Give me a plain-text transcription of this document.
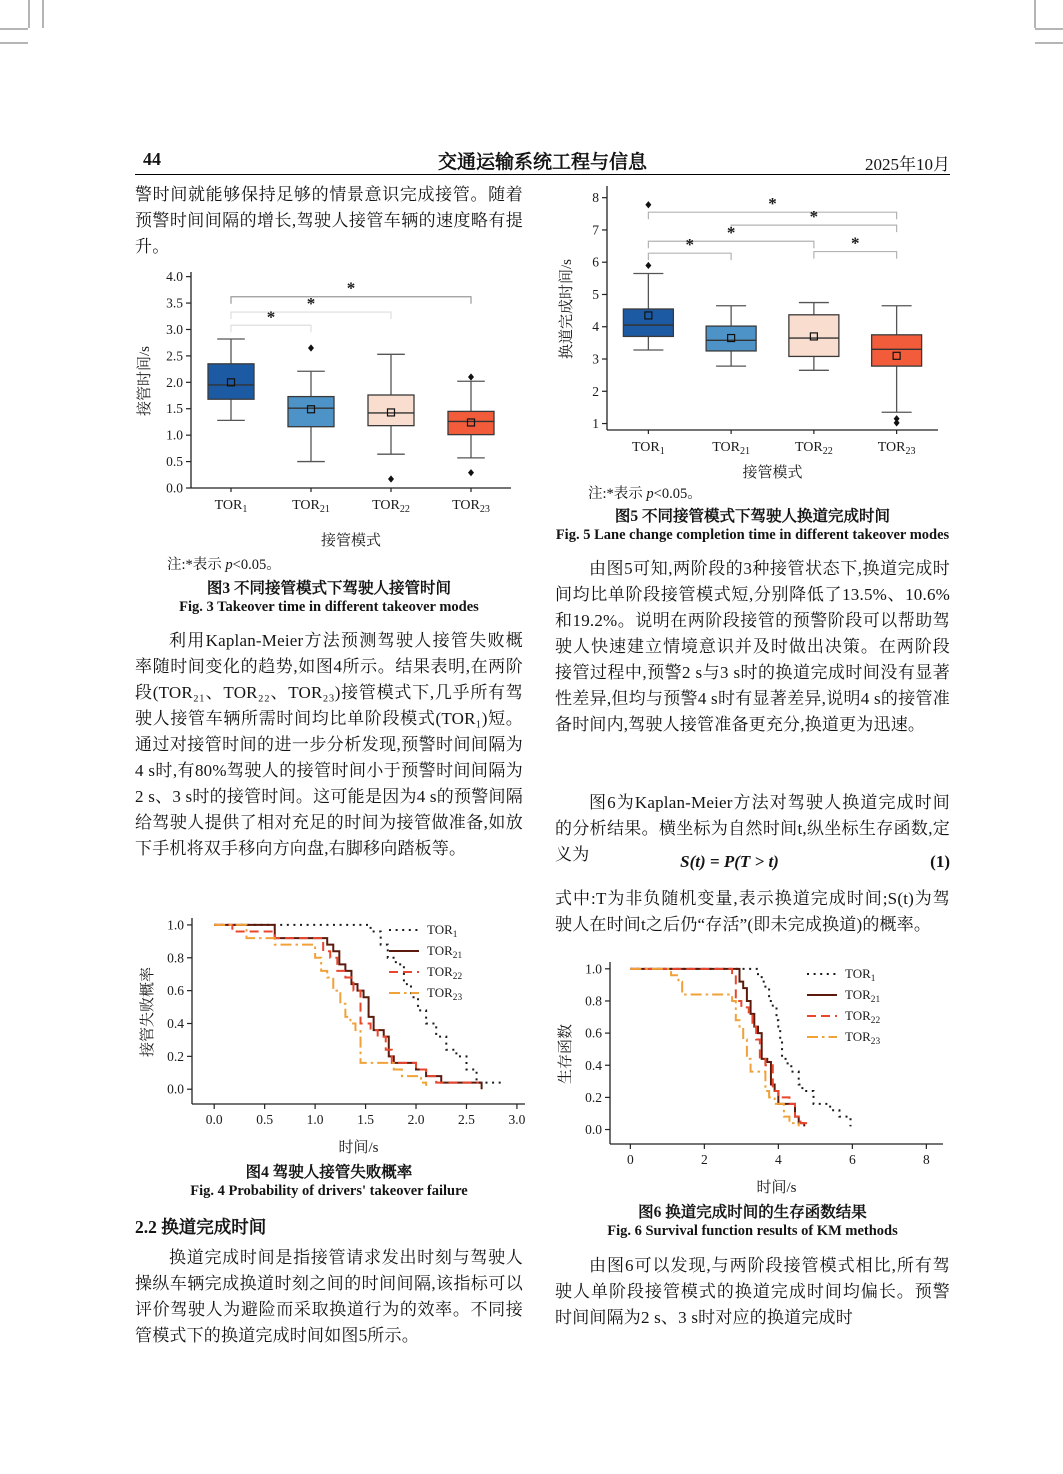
44	交通运输系统工程与信息	2025年10月
警时间就能够保持足够的情景意识完成接管。随着预警时间间隔的增长,驾驶人接管车辆的速度略有提升。
*
*
*
0.0
0.5
1.0
1.5
2.0
2.5
3.0
3.5
4.0
$TOR_1$	$TOR_{21}$	$TOR_{22}$	$TOR_{23}$
接管模式
接管时间/s
注:*表示 p<0.05。
图3 不同接管模式下驾驶人接管时间
Fig. 3 Takeover time in different takeover modes
利用Kaplan-Meier方法预测驾驶人接管失败概率随时间变化的趋势,如图4所示。结果表明,在两阶段(TOR₂₁、TOR₂₂、TOR₂₃)接管模式下,几乎所有驾驶人接管车辆所需时间均比单阶段模式(TOR₁)短。通过对接管时间的进一步分析发现,预警时间间隔为4 s时,有80%驾驶人的接管时间小于预警时间间隔为2 s、3 s时的接管时间。这可能是因为4 s的预警间隔给驾驶人提供了相对充足的时间为接管做准备,如放下手机将双手移向方向盘,右脚移向踏板等。
0.0 0.5 1.0 1.5 2.0 2.5 3.0
0.0
0.2
0.4
0.6
0.8
1.0
时间/s
接管失败概率
$TOR_1$
$TOR_{21}$
$TOR_{22}$
$TOR_{23}$
图4 驾驶人接管失败概率
Fig. 4 Probability of drivers' takeover failure
2.2 换道完成时间
换道完成时间是指接管请求发出时刻与驾驶人操纵车辆完成换道时刻之间的时间间隔,该指标可以评价驾驶人为避险而采取换道行为的效率。不同接管模式下的换道完成时间如图5所示。
*
*
*
*	*
1
2
3
4
5
6
7
8
$TOR_1$	$TOR_{21}$	$TOR_{22}$	$TOR_{23}$
接管模式
换道完成时间/s
注:*表示 p<0.05。
图5 不同接管模式下驾驶人换道完成时间
Fig. 5 Lane change completion time in different takeover modes
由图5可知,两阶段的3种接管状态下,换道完成时间均比单阶段接管模式短,分别降低了13.5%、10.6%和19.2%。说明在两阶段接管的预警阶段可以帮助驾驶人快速建立情境意识并及时做出决策。在两阶段接管过程中,预警2 s与3 s时的换道完成时间没有显著性差异,但均与预警4 s时有显著差异,说明4 s的接管准备时间内,驾驶人接管准备更充分,换道更为迅速。
图6为Kaplan-Meier方法对驾驶人换道完成时间的分析结果。横坐标为自然时间t,纵坐标生存函数,定义为	S(t) = P(T > t)	(1)
式中:T为非负随机变量,表示换道完成时间;S(t)为驾驶人在时间t之后仍“存活”(即未完成换道)的概率。
0	2	4	6	8
0.0
0.2
0.4
0.6
0.8
1.0
时间/s
生存函数
$TOR_1$
$TOR_{21}$
$TOR_{22}$
$TOR_{23}$
图6 换道完成时间的生存函数结果
Fig. 6 Survival function results of KM methods
由图6可以发现,与两阶段接管模式相比,所有驾驶人单阶段接管模式的换道完成时间均偏长。预警时间间隔为2 s、3 s时对应的换道完成时
